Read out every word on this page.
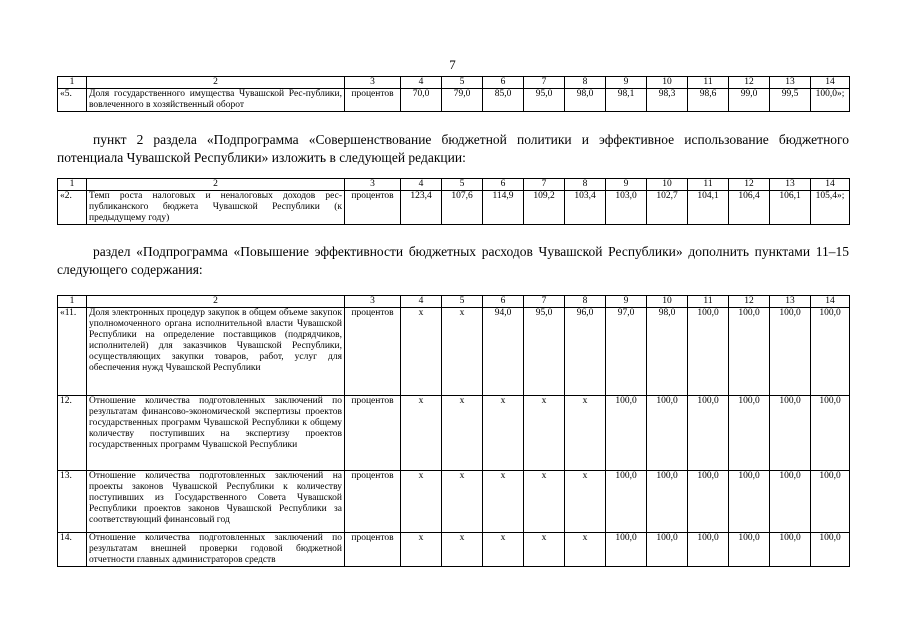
7
1	2	3	4	5	6	7	8	9	10	11	12	13	14
«5.	Доля государственного имущества Чувашской Рес-публики, вовлеченного в хозяйственный оборот	процентов	70,0	79,0	85,0	95,0	98,0	98,1	98,3	98,6	99,0	99,5	100,0»;
пункт 2 раздела «Подпрограмма «Совершенствование бюджетной политики и эффективное использование бюджетного потенциала Чувашской Республики» изложить в следующей редакции:
1	2	3	4	5	6	7	8	9	10	11	12	13	14
«2.	Темп роста налоговых и неналоговых доходов рес-публиканского бюджета Чувашской Республики (к предыдущему году)	процентов	123,4	107,6	114,9	109,2	103,4	103,0	102,7	104,1	106,4	106,1	105,4»;
раздел «Подпрограмма «Повышение эффективности бюджетных расходов Чувашской Республики» дополнить пунктами 11–15 следующего содержания:
1	2	3	4	5	6	7	8	9	10	11	12	13	14
«11.	Доля электронных процедур закупок в общем объеме закупок уполномоченного органа исполнительной власти Чувашской Республики на определение поставщиков (подрядчиков, исполнителей) для заказчиков Чувашской Республики, осуществляющих закупки товаров, работ, услуг для обеспечения нужд Чувашской Республики	процентов	х	х	94,0	95,0	96,0	97,0	98,0	100,0	100,0	100,0	100,0
12.	Отношение количества подготовленных заключений по результатам финансово-экономической экспертизы проектов государственных программ Чувашской Республики к общему количеству поступивших на экспертизу проектов государственных программ Чувашской Республики	процентов	х	х	х	х	х	100,0	100,0	100,0	100,0	100,0	100,0
13.	Отношение количества подготовленных заключений на проекты законов Чувашской Республики к количеству поступивших из Государственного Совета Чувашской Республики проектов законов Чувашской Республики за соответствующий финансовый год	процентов	х	х	х	х	х	100,0	100,0	100,0	100,0	100,0	100,0
14.	Отношение количества подготовленных заключений по результатам внешней проверки годовой бюджетной отчетности главных администраторов средств	процентов	х	х	х	х	х	100,0	100,0	100,0	100,0	100,0	100,0
